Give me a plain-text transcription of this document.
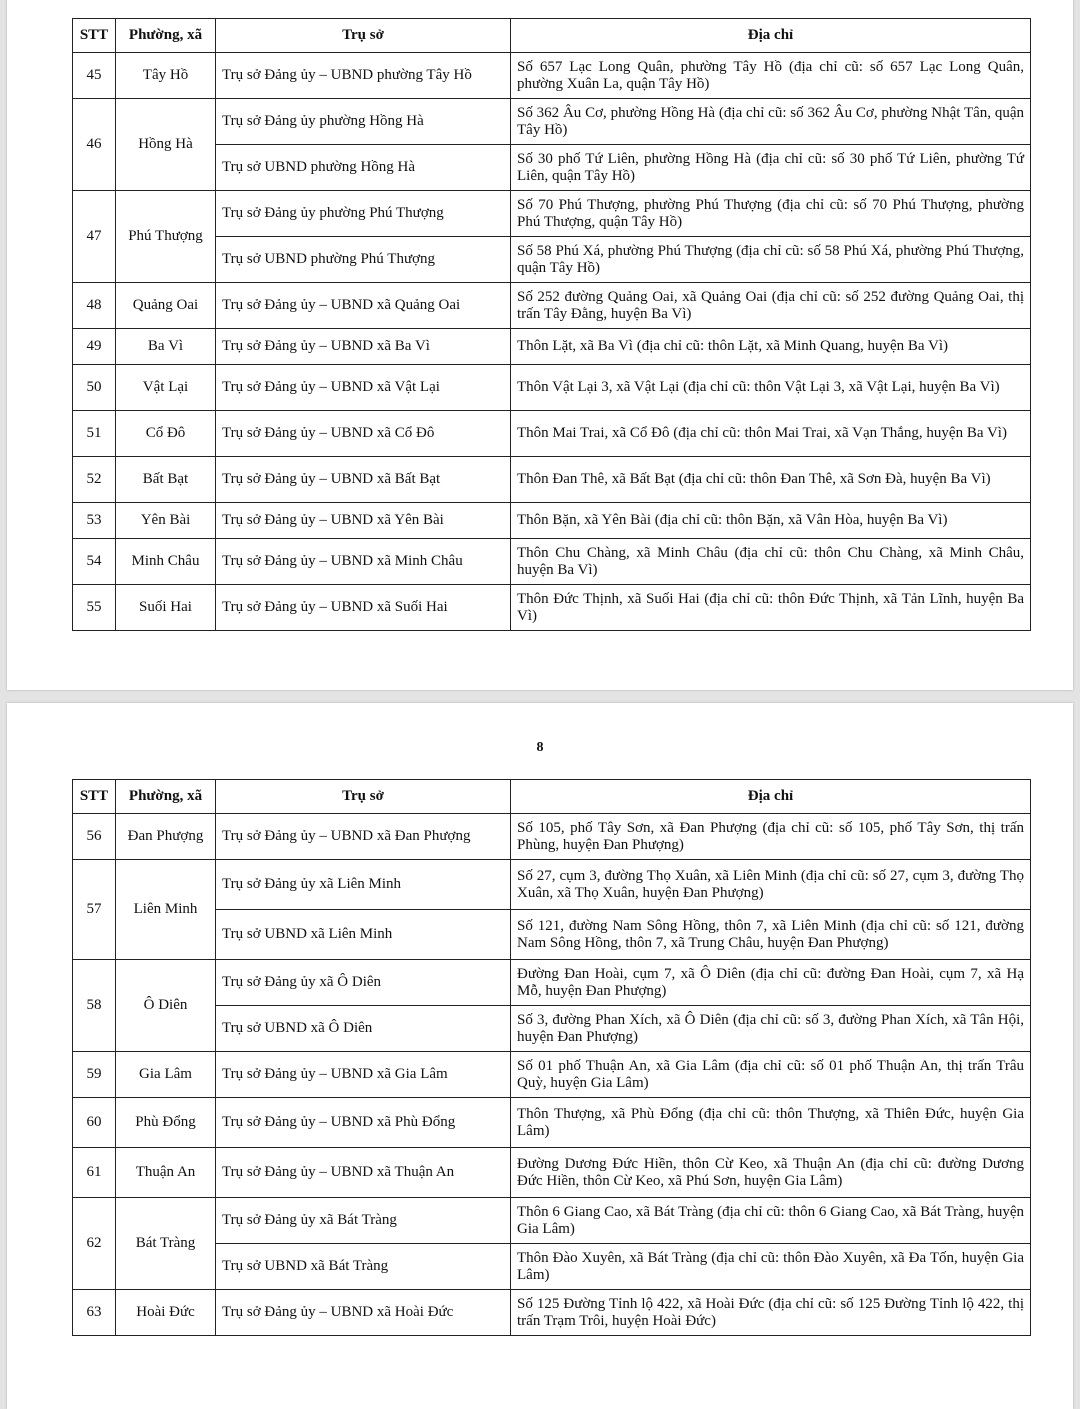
STT	Phường, xã	Trụ sở	Địa chỉ
45	Tây Hồ	Trụ sở Đảng ủy – UBND phường Tây Hồ	Số 657 Lạc Long Quân, phường Tây Hồ (địa chỉ cũ: số 657 Lạc Long Quân, phường Xuân La, quận Tây Hồ)
46	Hồng Hà	Trụ sở Đảng ủy phường Hồng Hà	Số 362 Âu Cơ, phường Hồng Hà (địa chỉ cũ: số 362 Âu Cơ, phường Nhật Tân, quận Tây Hồ)
		Trụ sở UBND phường Hồng Hà	Số 30 phố Tứ Liên, phường Hồng Hà (địa chỉ cũ: số 30 phố Tứ Liên, phường Tứ Liên, quận Tây Hồ)
47	Phú Thượng	Trụ sở Đảng ủy phường Phú Thượng	Số 70 Phú Thượng, phường Phú Thượng (địa chỉ cũ: số 70 Phú Thượng, phường Phú Thượng, quận Tây Hồ)
		Trụ sở UBND phường Phú Thượng	Số 58 Phú Xá, phường Phú Thượng (địa chỉ cũ: số 58 Phú Xá, phường Phú Thượng, quận Tây Hồ)
48	Quảng Oai	Trụ sở Đảng ủy – UBND xã Quảng Oai	Số 252 đường Quảng Oai, xã Quảng Oai (địa chỉ cũ: số 252 đường Quảng Oai, thị trấn Tây Đằng, huyện Ba Vì)
49	Ba Vì	Trụ sở Đảng ủy – UBND xã Ba Vì	Thôn Lặt, xã Ba Vì (địa chỉ cũ: thôn Lặt, xã Minh Quang, huyện Ba Vì)
50	Vật Lại	Trụ sở Đảng ủy – UBND xã Vật Lại	Thôn Vật Lại 3, xã Vật Lại (địa chỉ cũ: thôn Vật Lại 3, xã Vật Lại, huyện Ba Vì)
51	Cổ Đô	Trụ sở Đảng ủy – UBND xã Cổ Đô	Thôn Mai Trai, xã Cổ Đô (địa chỉ cũ: thôn Mai Trai, xã Vạn Thắng, huyện Ba Vì)
52	Bất Bạt	Trụ sở Đảng ủy – UBND xã Bất Bạt	Thôn Đan Thê, xã Bất Bạt (địa chỉ cũ: thôn Đan Thê, xã Sơn Đà, huyện Ba Vì)
53	Yên Bài	Trụ sở Đảng ủy – UBND xã Yên Bài	Thôn Bặn, xã Yên Bài (địa chỉ cũ: thôn Bặn, xã Vân Hòa, huyện Ba Vì)
54	Minh Châu	Trụ sở Đảng ủy – UBND xã Minh Châu	Thôn Chu Chàng, xã Minh Châu (địa chỉ cũ: thôn Chu Chàng, xã Minh Châu, huyện Ba Vì)
55	Suối Hai	Trụ sở Đảng ủy – UBND xã Suối Hai	Thôn Đức Thịnh, xã Suối Hai (địa chỉ cũ: thôn Đức Thịnh, xã Tản Lĩnh, huyện Ba Vì)
8
STT	Phường, xã	Trụ sở	Địa chỉ
56	Đan Phượng	Trụ sở Đảng ủy – UBND xã Đan Phượng	Số 105, phố Tây Sơn, xã Đan Phượng (địa chỉ cũ: số 105, phố Tây Sơn, thị trấn Phùng, huyện Đan Phượng)
57	Liên Minh	Trụ sở Đảng ủy xã Liên Minh	Số 27, cụm 3, đường Thọ Xuân, xã Liên Minh (địa chỉ cũ: số 27, cụm 3, đường Thọ Xuân, xã Thọ Xuân, huyện Đan Phượng)
		Trụ sở UBND xã Liên Minh	Số 121, đường Nam Sông Hồng, thôn 7, xã Liên Minh (địa chỉ cũ: số 121, đường Nam Sông Hồng, thôn 7, xã Trung Châu, huyện Đan Phượng)
58	Ô Diên	Trụ sở Đảng ủy xã Ô Diên	Đường Đan Hoài, cụm 7, xã Ô Diên (địa chỉ cũ: đường Đan Hoài, cụm 7, xã Hạ Mỗ, huyện Đan Phượng)
		Trụ sở UBND xã Ô Diên	Số 3, đường Phan Xích, xã Ô Diên (địa chỉ cũ: số 3, đường Phan Xích, xã Tân Hội, huyện Đan Phượng)
59	Gia Lâm	Trụ sở Đảng ủy – UBND xã Gia Lâm	Số 01 phố Thuận An, xã Gia Lâm (địa chỉ cũ: số 01 phố Thuận An, thị trấn Trâu Quỳ, huyện Gia Lâm)
60	Phù Đổng	Trụ sở Đảng ủy – UBND xã Phù Đổng	Thôn Thượng, xã Phù Đổng (địa chỉ cũ: thôn Thượng, xã Thiên Đức, huyện Gia Lâm)
61	Thuận An	Trụ sở Đảng ủy – UBND xã Thuận An	Đường Dương Đức Hiền, thôn Cừ Keo, xã Thuận An (địa chỉ cũ: đường Dương Đức Hiền, thôn Cừ Keo, xã Phú Sơn, huyện Gia Lâm)
62	Bát Tràng	Trụ sở Đảng ủy xã Bát Tràng	Thôn 6 Giang Cao, xã Bát Tràng (địa chỉ cũ: thôn 6 Giang Cao, xã Bát Tràng, huyện Gia Lâm)
		Trụ sở UBND xã Bát Tràng	Thôn Đào Xuyên, xã Bát Tràng (địa chỉ cũ: thôn Đào Xuyên, xã Đa Tốn, huyện Gia Lâm)
63	Hoài Đức	Trụ sở Đảng ủy – UBND xã Hoài Đức	Số 125 Đường Tỉnh lộ 422, xã Hoài Đức (địa chỉ cũ: số 125 Đường Tỉnh lộ 422, thị trấn Trạm Trôi, huyện Hoài Đức)
